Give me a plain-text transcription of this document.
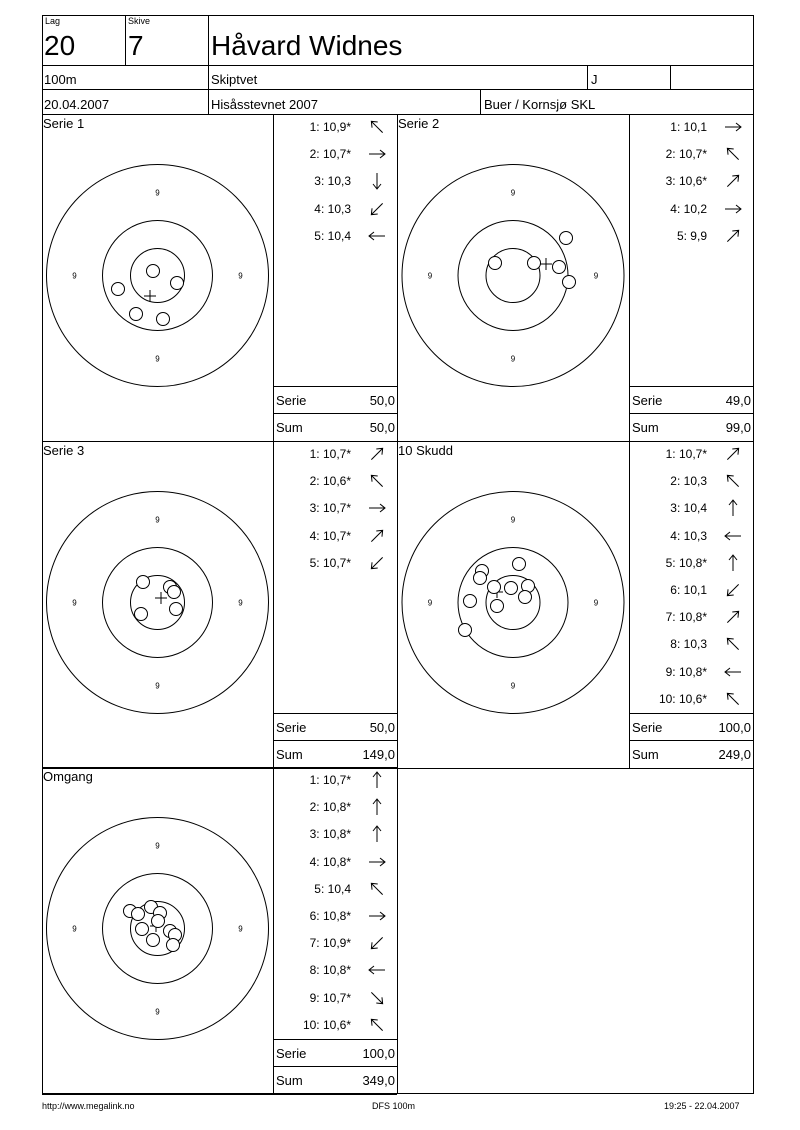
Lag
20
Skive
7 Håvard Widnes
100m	Skiptvet	J
20.04.2007	Hisåsstevnet 2007	Buer / Kornsjø SKL
Serie 1
9
9
9	9
1: 10,9*
2: 10,7*
3: 10,3
4: 10,3
5: 10,4
Serie	50,0
Sum	50,0
Serie 2
9
9
9	9
1: 10,1
2: 10,7*
3: 10,6*
4: 10,2
5: 9,9
Serie	49,0
Sum	99,0
Serie 3
9
9
9	9
1: 10,7*
2: 10,6*
3: 10,7*
4: 10,7*
5: 10,7*
Serie	50,0
Sum	149,0
10 Skudd
9
9
9	9
1: 10,7*
2: 10,3
3: 10,4
4: 10,3
5: 10,8*
6: 10,1
7: 10,8*
8: 10,3
9: 10,8*
10: 10,6*
Serie	100,0
Sum	249,0
Omgang
9
9
9	9
1: 10,7*
2: 10,8*
3: 10,8*
4: 10,8*
5: 10,4
6: 10,8*
7: 10,9*
8: 10,8*
9: 10,7*
10: 10,6*
Serie	100,0
Sum	349,0
http://www.megalink.no	DFS 100m	19:25 - 22.04.2007
